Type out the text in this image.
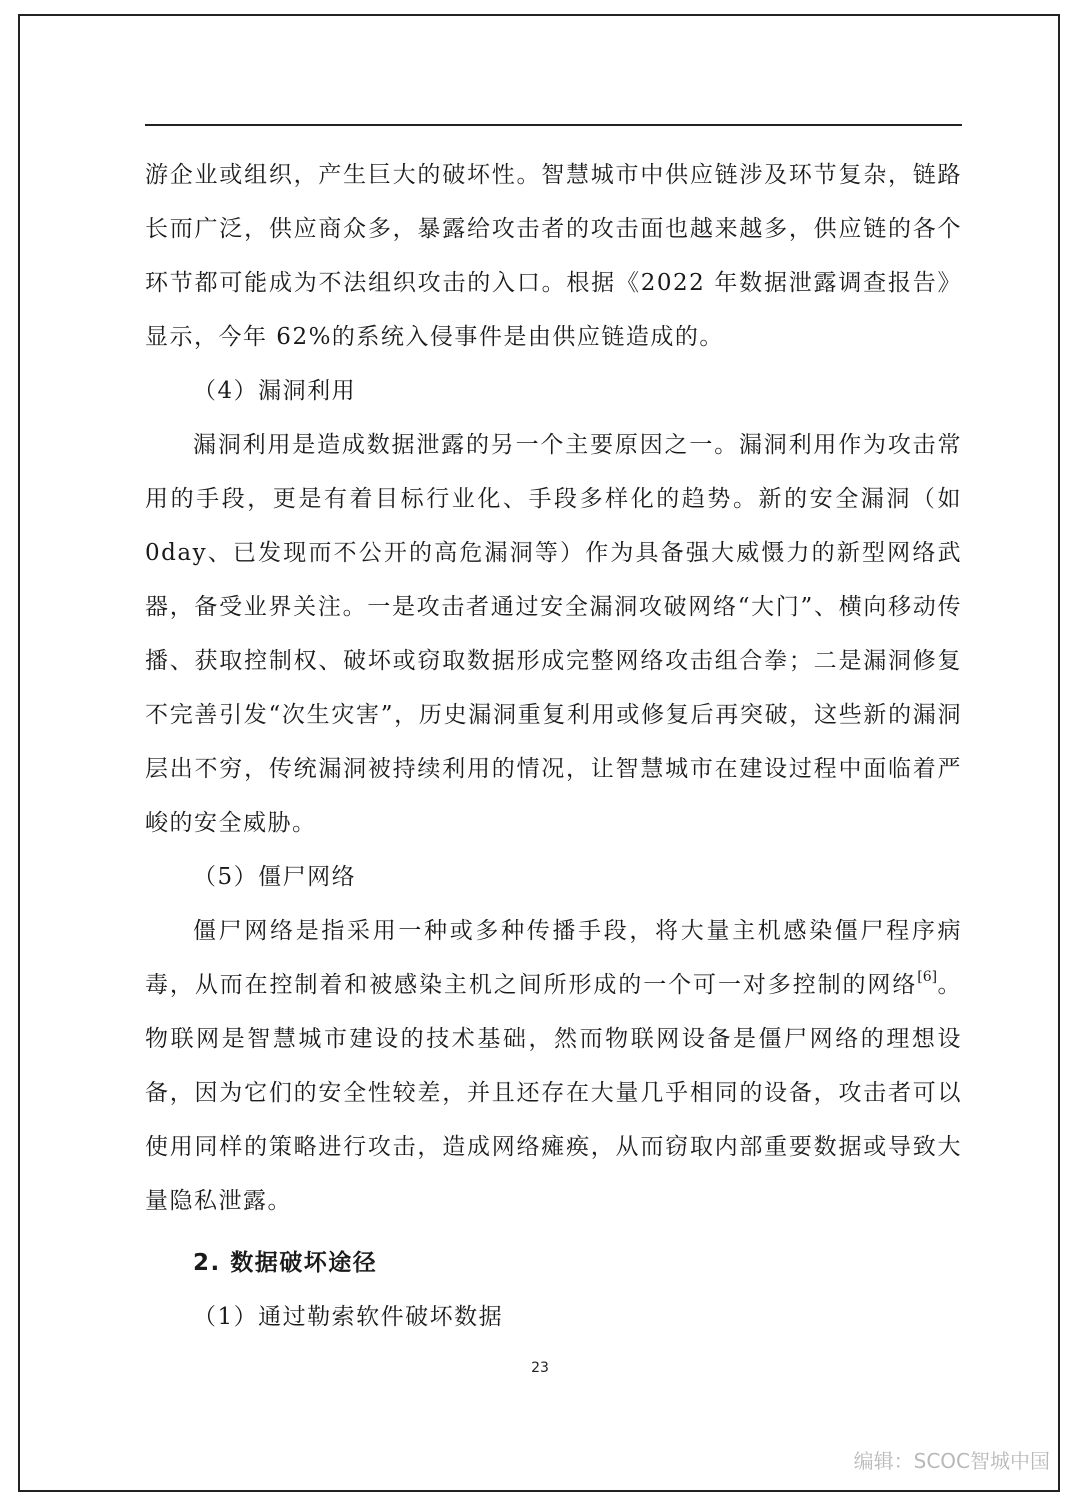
游企业或组织，产生巨大的破坏性。智慧城市中供应链涉及环节复杂，链路长而广泛，供应商众多，暴露给攻击者的攻击面也越来越多，供应链的各个环节都可能成为不法组织攻击的入口。根据《2022 年数据泄露调查报告》显示，今年 62%的系统入侵事件是由供应链造成的。

（4）漏洞利用

漏洞利用是造成数据泄露的另一个主要原因之一。漏洞利用作为攻击常用的手段，更是有着目标行业化、手段多样化的趋势。新的安全漏洞（如 0day、已发现而不公开的高危漏洞等）作为具备强大威慑力的新型网络武器，备受业界关注。一是攻击者通过安全漏洞攻破网络“大门”、横向移动传播、获取控制权、破坏或窃取数据形成完整网络攻击组合拳；二是漏洞修复不完善引发“次生灾害”，历史漏洞重复利用或修复后再突破，这些新的漏洞层出不穷，传统漏洞被持续利用的情况，让智慧城市在建设过程中面临着严峻的安全威胁。

（5）僵尸网络

僵尸网络是指采用一种或多种传播手段，将大量主机感染僵尸程序病毒，从而在控制着和被感染主机之间所形成的一个可一对多控制的网络[6]。物联网是智慧城市建设的技术基础，然而物联网设备是僵尸网络的理想设备，因为它们的安全性较差，并且还存在大量几乎相同的设备，攻击者可以使用同样的策略进行攻击，造成网络瘫痪，从而窃取内部重要数据或导致大量隐私泄露。

2. 数据破坏途径

（1）通过勒索软件破坏数据

23
编辑：SCOC智城中国
